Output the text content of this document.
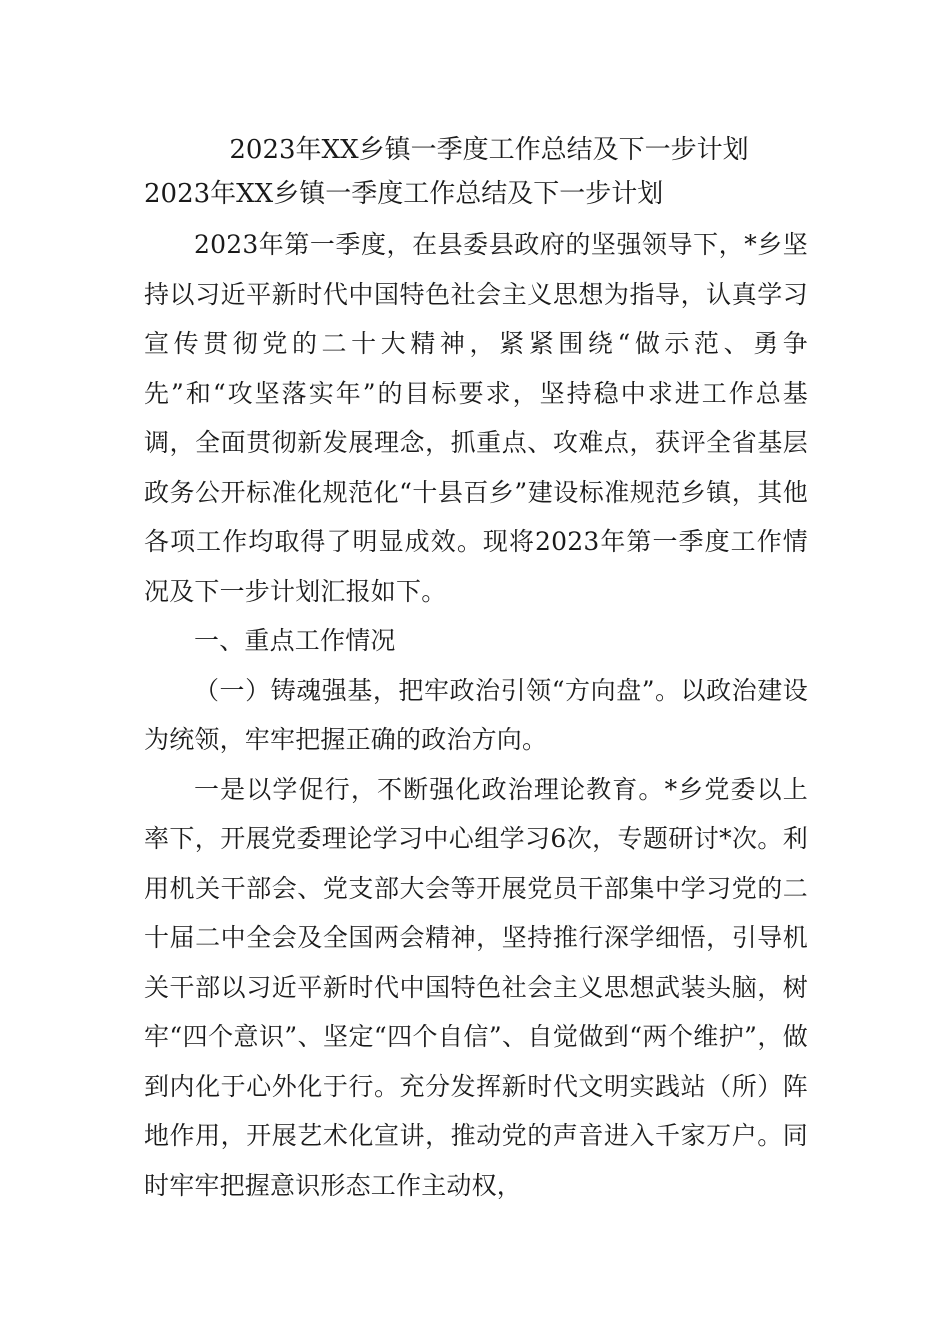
2023年XX乡镇一季度工作总结及下一步计划
2023年XX乡镇一季度工作总结及下一步计划

2023年第一季度，在县委县政府的坚强领导下，*乡坚持以习近平新时代中国特色社会主义思想为指导，认真学习宣传贯彻党的二十大精神，紧紧围绕“做示范、勇争先”和“攻坚落实年”的目标要求，坚持稳中求进工作总基调，全面贯彻新发展理念，抓重点、攻难点，获评全省基层政务公开标准化规范化“十县百乡”建设标准规范乡镇，其他各项工作均取得了明显成效。现将2023年第一季度工作情况及下一步计划汇报如下。

一、重点工作情况

（一）铸魂强基，把牢政治引领“方向盘”。以政治建设为统领，牢牢把握正确的政治方向。

一是以学促行，不断强化政治理论教育。*乡党委以上率下，开展党委理论学习中心组学习6次，专题研讨*次。利用机关干部会、党支部大会等开展党员干部集中学习党的二十届二中全会及全国两会精神，坚持推行深学细悟，引导机关干部以习近平新时代中国特色社会主义思想武装头脑，树牢“四个意识”、坚定“四个自信”、自觉做到“两个维护”，做到内化于心外化于行。充分发挥新时代文明实践站（所）阵地作用，开展艺术化宣讲，推动党的声音进入千家万户。同时牢牢把握意识形态工作主动权，
